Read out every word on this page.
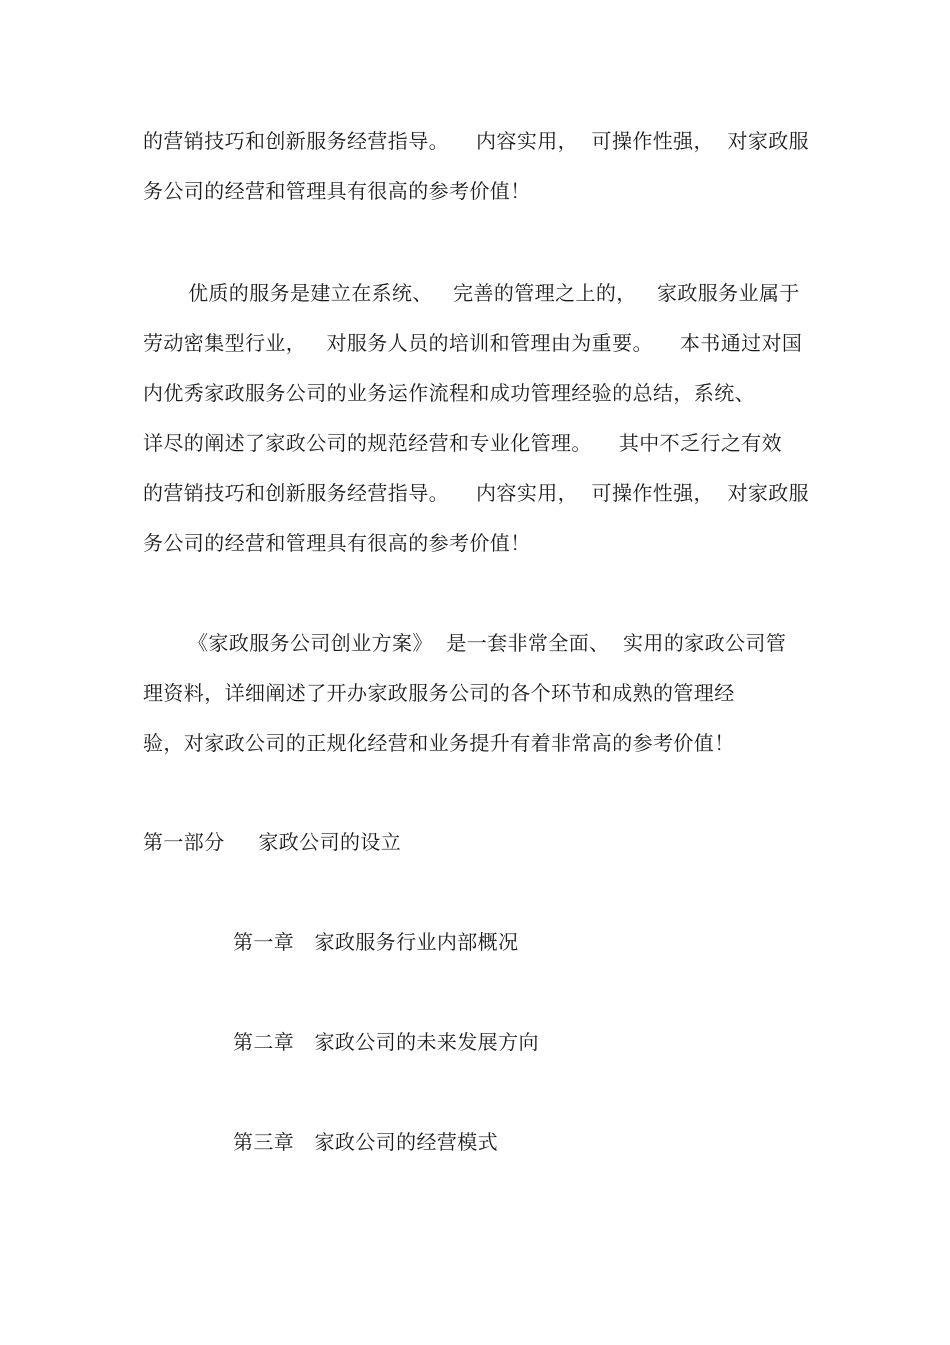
的营销技巧和创新服务经营指导。    内容实用，  可操作性强，  对家政服
务公司的经营和管理具有很高的参考价值！
优质的服务是建立在系统、   完善的管理之上的，   家政服务业属于
劳动密集型行业，   对服务人员的培训和管理由为重要。    本书通过对国
内优秀家政服务公司的业务运作流程和成功管理经验的总结，系统、
详尽的阐述了家政公司的规范经营和专业化管理。    其中不乏行之有效
的营销技巧和创新服务经营指导。    内容实用，  可操作性强，  对家政服
务公司的经营和管理具有很高的参考价值！
《家政服务公司创业方案》  是一套非常全面、  实用的家政公司管
理资料，详细阐述了开办家政服务公司的各个环节和成熟的管理经
验，对家政公司的正规化经营和业务提升有着非常高的参考价值！
第一部分     家政公司的设立
第一章   家政服务行业内部概况
第二章   家政公司的未来发展方向
第三章   家政公司的经营模式
